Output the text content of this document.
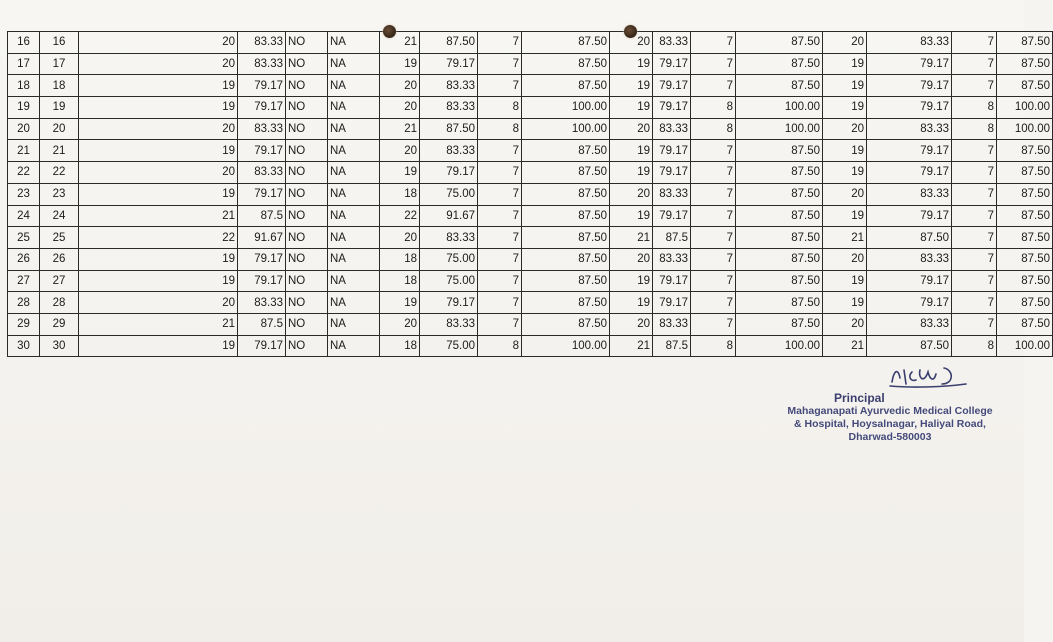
16	16		20	83.33	NO	NA	21	87.50	7	87.50	20	83.33	7	87.50	20	83.33	7	87.50
17	17		20	83.33	NO	NA	19	79.17	7	87.50	19	79.17	7	87.50	19	79.17	7	87.50
18	18		19	79.17	NO	NA	20	83.33	7	87.50	19	79.17	7	87.50	19	79.17	7	87.50
19	19		19	79.17	NO	NA	20	83.33	8	100.00	19	79.17	8	100.00	19	79.17	8	100.00
20	20		20	83.33	NO	NA	21	87.50	8	100.00	20	83.33	8	100.00	20	83.33	8	100.00
21	21		19	79.17	NO	NA	20	83.33	7	87.50	19	79.17	7	87.50	19	79.17	7	87.50
22	22		20	83.33	NO	NA	19	79.17	7	87.50	19	79.17	7	87.50	19	79.17	7	87.50
23	23		19	79.17	NO	NA	18	75.00	7	87.50	20	83.33	7	87.50	20	83.33	7	87.50
24	24		21	87.5	NO	NA	22	91.67	7	87.50	19	79.17	7	87.50	19	79.17	7	87.50
25	25		22	91.67	NO	NA	20	83.33	7	87.50	21	87.5	7	87.50	21	87.50	7	87.50
26	26		19	79.17	NO	NA	18	75.00	7	87.50	20	83.33	7	87.50	20	83.33	7	87.50
27	27		19	79.17	NO	NA	18	75.00	7	87.50	19	79.17	7	87.50	19	79.17	7	87.50
28	28		20	83.33	NO	NA	19	79.17	7	87.50	19	79.17	7	87.50	19	79.17	7	87.50
29	29		21	87.5	NO	NA	20	83.33	7	87.50	20	83.33	7	87.50	20	83.33	7	87.50
30	30		19	79.17	NO	NA	18	75.00	8	100.00	21	87.5	8	100.00	21	87.50	8	100.00
Principal
Mahaganapati Ayurvedic Medical College
& Hospital, Hoysalnagar, Haliyal Road,
Dharwad-580003
